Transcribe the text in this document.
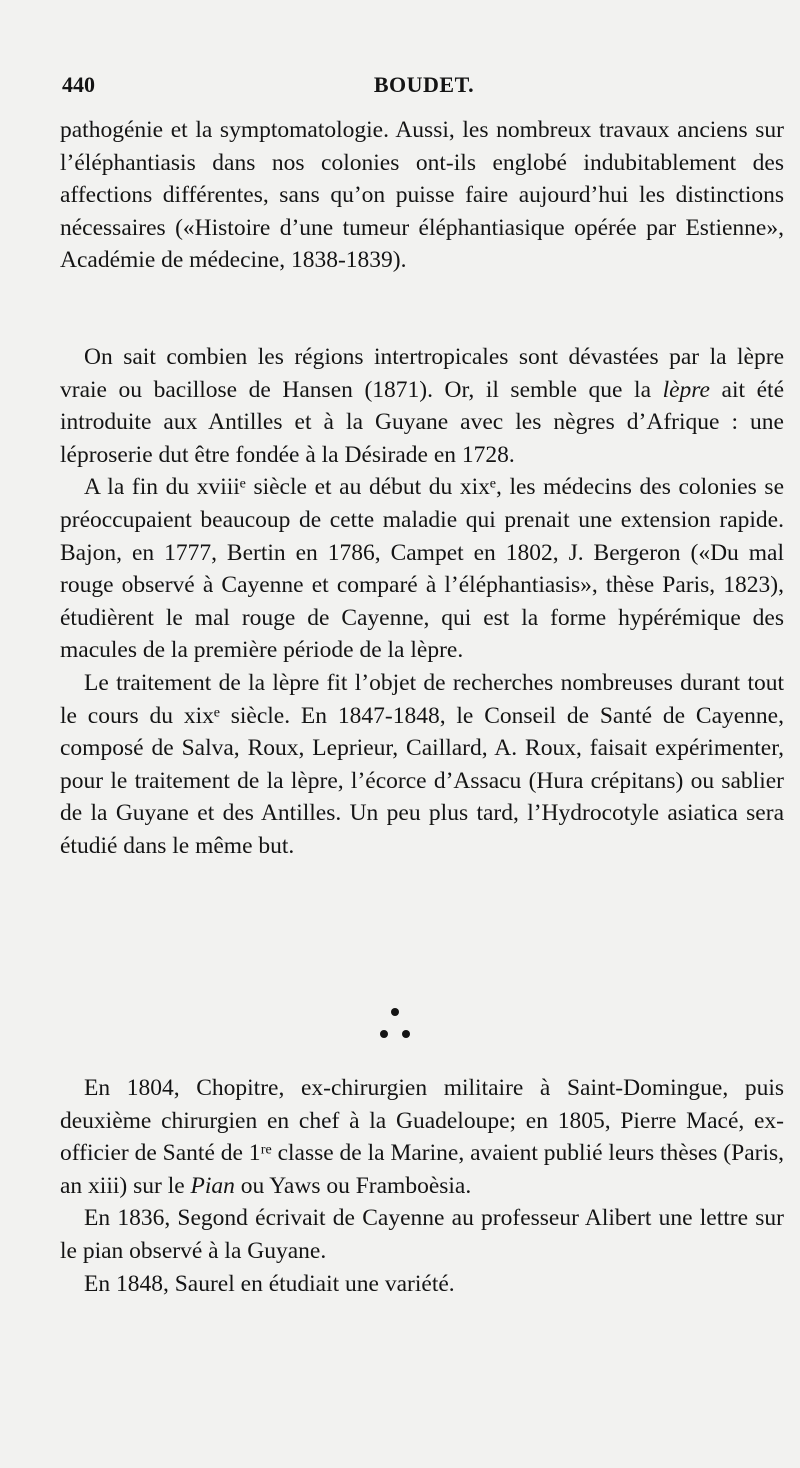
440	BOUDET.

pathogénie et la symptomatologie. Aussi, les nombreux travaux anciens sur l’éléphantiasis dans nos colonies ont-ils englobé indubitablement des affections différentes, sans qu’on puisse faire aujourd’hui les distinctions nécessaires («Histoire d’une tumeur éléphantiasique opérée par Estienne», Académie de médecine, 1838-1839).

On sait combien les régions intertropicales sont dévastées par la lèpre vraie ou bacillose de Hansen (1871). Or, il semble que la lèpre ait été introduite aux Antilles et à la Guyane avec les nègres d’Afrique : une léproserie dut être fondée à la Désirade en 1728.

A la fin du xviiiᵉ siècle et au début du xixᵉ, les médecins des colonies se préoccupaient beaucoup de cette maladie qui prenait une extension rapide. Bajon, en 1777, Bertin en 1786, Campet en 1802, J. Bergeron («Du mal rouge observé à Cayenne et comparé à l’éléphantiasis», thèse Paris, 1823), étudièrent le mal rouge de Cayenne, qui est la forme hypérémique des macules de la première période de la lèpre.

Le traitement de la lèpre fit l’objet de recherches nombreuses durant tout le cours du xixᵉ siècle. En 1847-1848, le Conseil de Santé de Cayenne, composé de Salva, Roux, Leprieur, Caillard, A. Roux, faisait expérimenter, pour le traitement de la lèpre, l’écorce d’Assacu (Hura crépitans) ou sablier de la Guyane et des Antilles. Un peu plus tard, l’Hydrocotyle asiatica sera étudié dans le même but.

En 1804, Chopitre, ex-chirurgien militaire à Saint-Domingue, puis deuxième chirurgien en chef à la Guadeloupe; en 1805, Pierre Macé, ex-officier de Santé de 1ʳᵉ classe de la Marine, avaient publié leurs thèses (Paris, an xiii) sur le Pian ou Yaws ou Framboèsia.

En 1836, Segond écrivait de Cayenne au professeur Alibert une lettre sur le pian observé à la Guyane.

En 1848, Saurel en étudiait une variété.
